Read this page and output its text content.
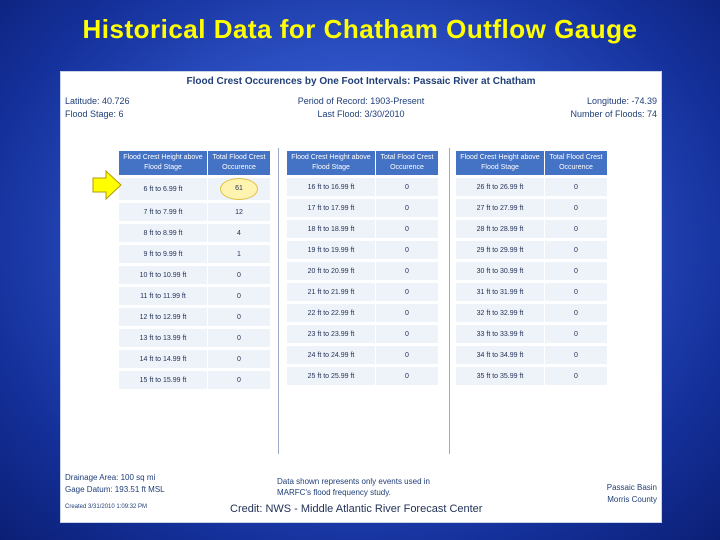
Historical Data for Chatham Outflow Gauge
Flood Crest Occurences by One Foot Intervals: Passaic River at Chatham
Latitude: 40.726
Flood Stage: 6
Period of Record: 1903-Present
Last Flood: 3/30/2010
Longitude: -74.39
Number of Floods: 74
Flood Crest Height above Flood Stage	Total Flood Crest Occurence
6 ft to 6.99 ft	61
7 ft to 7.99 ft	12
8 ft to 8.99 ft	4
9 ft to 9.99 ft	1
10 ft to 10.99 ft	0
11 ft to 11.99 ft	0
12 ft to 12.99 ft	0
13 ft to 13.99 ft	0
14 ft to 14.99 ft	0
15 ft to 15.99 ft	0
Flood Crest Height above Flood Stage	Total Flood Crest Occurence
16 ft to 16.99 ft	0
17 ft to 17.99 ft	0
18 ft to 18.99 ft	0
19 ft to 19.99 ft	0
20 ft to 20.99 ft	0
21 ft to 21.99 ft	0
22 ft to 22.99 ft	0
23 ft to 23.99 ft	0
24 ft to 24.99 ft	0
25 ft to 25.99 ft	0
Flood Crest Height above Flood Stage	Total Flood Crest Occurence
26 ft to 26.99 ft	0
27 ft to 27.99 ft	0
28 ft to 28.99 ft	0
29 ft to 29.99 ft	0
30 ft to 30.99 ft	0
31 ft to 31.99 ft	0
32 ft to 32.99 ft	0
33 ft to 33.99 ft	0
34 ft to 34.99 ft	0
35 ft to 35.99 ft	0
Drainage Area: 100 sq mi
Gage Datum: 193.51 ft MSL
Created 3/31/2010 1:09:32 PM
Data shown represents only events used in MARFC's flood frequency study.
Passaic Basin
Morris County
Credit: NWS - Middle Atlantic River Forecast Center
